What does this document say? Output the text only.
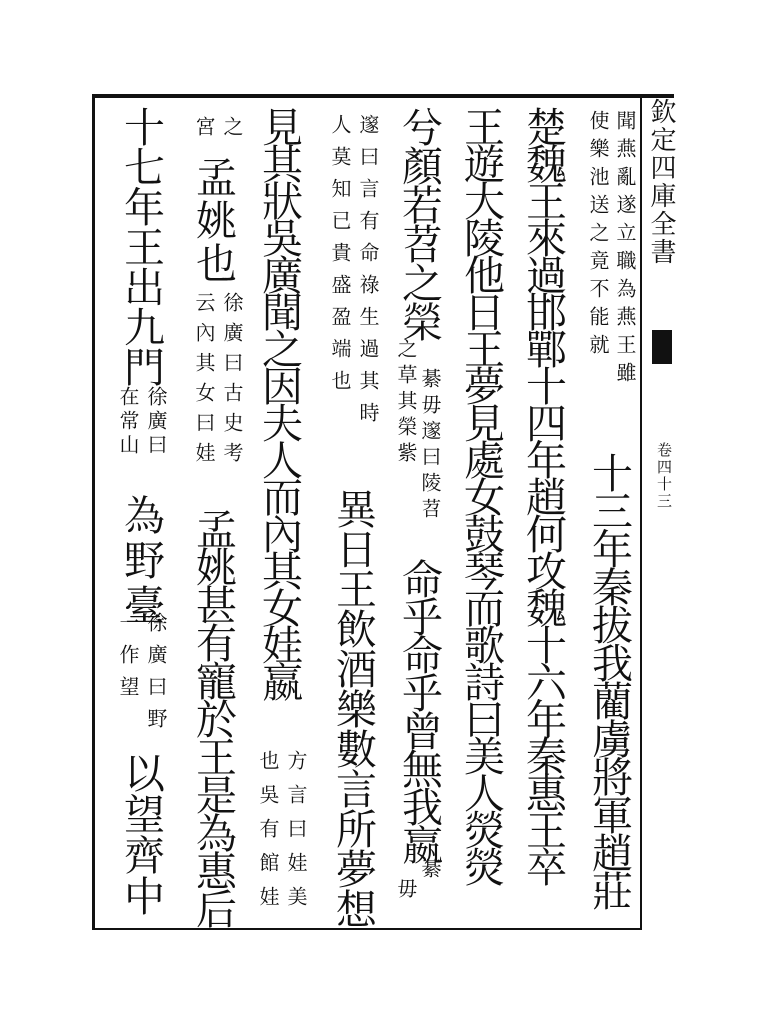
欽定四庫全書
卷四十三
聞燕亂遂立職為燕王雖
使樂池送之竟不能就
十三年秦拔我藺虜將軍趙莊
楚魏王來過邯鄲十四年趙何攻魏十六年秦惠王卒
王遊大陵他日王夢見處女鼓琴而歌詩曰美人熒熒
兮顏若苕之榮
綦毋邃曰陵苕
之草其榮紫
命乎命乎曾無我嬴
綦
毋
邃曰言有命祿生過其時
人莫知已貴盛盈端也
異日王飲酒樂數言所夢想
見其狀吳廣聞之因夫人而內其女娃嬴
方言曰娃美
也吳有館娃
之
宮
孟姚也
徐廣曰古史考
云內其女曰娃
孟姚甚有寵於王是為惠后
十七年王出九門
徐廣曰
在常山
為野臺
徐廣曰野
一作望
以望齊中
